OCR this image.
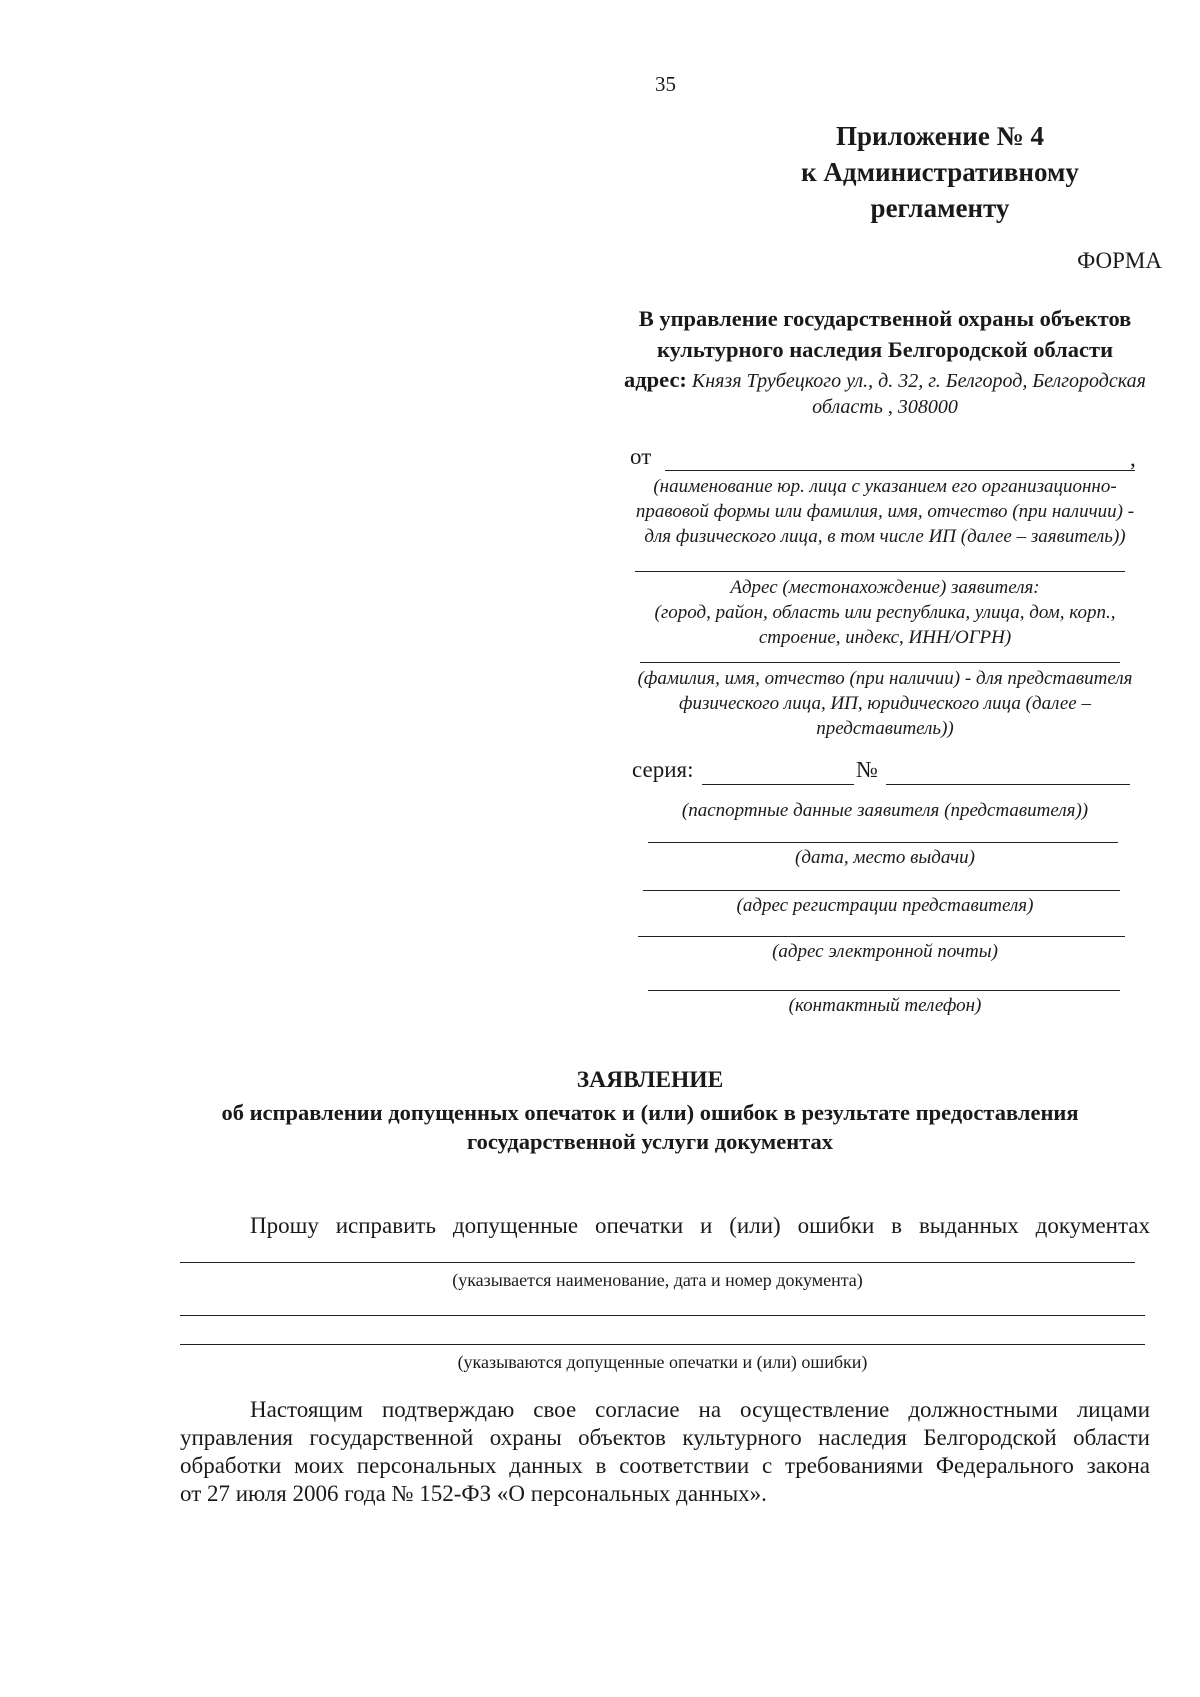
35
Приложение № 4
к Административному
регламенту
ФОРМА
В управление государственной охраны объектов
культурного наследия Белгородской области
адрес: Князя Трубецкого ул., д. 32, г. Белгород, Белгородская
область , 308000
от	,
(наименование юр. лица с указанием его организационно-
правовой формы или фамилия, имя, отчество (при наличии) -
для физического лица, в том числе ИП (далее – заявитель))
Адрес (местонахождение) заявителя:
(город, район, область или республика, улица, дом, корп.,
строение, индекс, ИНН/ОГРН)
(фамилия, имя, отчество (при наличии) - для представителя
физического лица, ИП, юридического лица (далее –
представитель))
серия:	№
(паспортные данные заявителя (представителя))
(дата, место выдачи)
(адрес регистрации представителя)
(адрес электронной почты)
(контактный телефон)
ЗАЯВЛЕНИЕ
об исправлении допущенных опечаток и (или) ошибок в результате предоставления
государственной услуги документах
Прошу исправить допущенные опечатки и (или) ошибки в выданных документах
(указывается наименование, дата и номер документа)
(указываются допущенные опечатки и (или) ошибки)
Настоящим подтверждаю свое согласие на осуществление должностными лицами
управления государственной охраны объектов культурного наследия Белгородской области
обработки моих персональных данных в соответствии с требованиями Федерального закона
от 27 июля 2006 года № 152-ФЗ «О персональных данных».
